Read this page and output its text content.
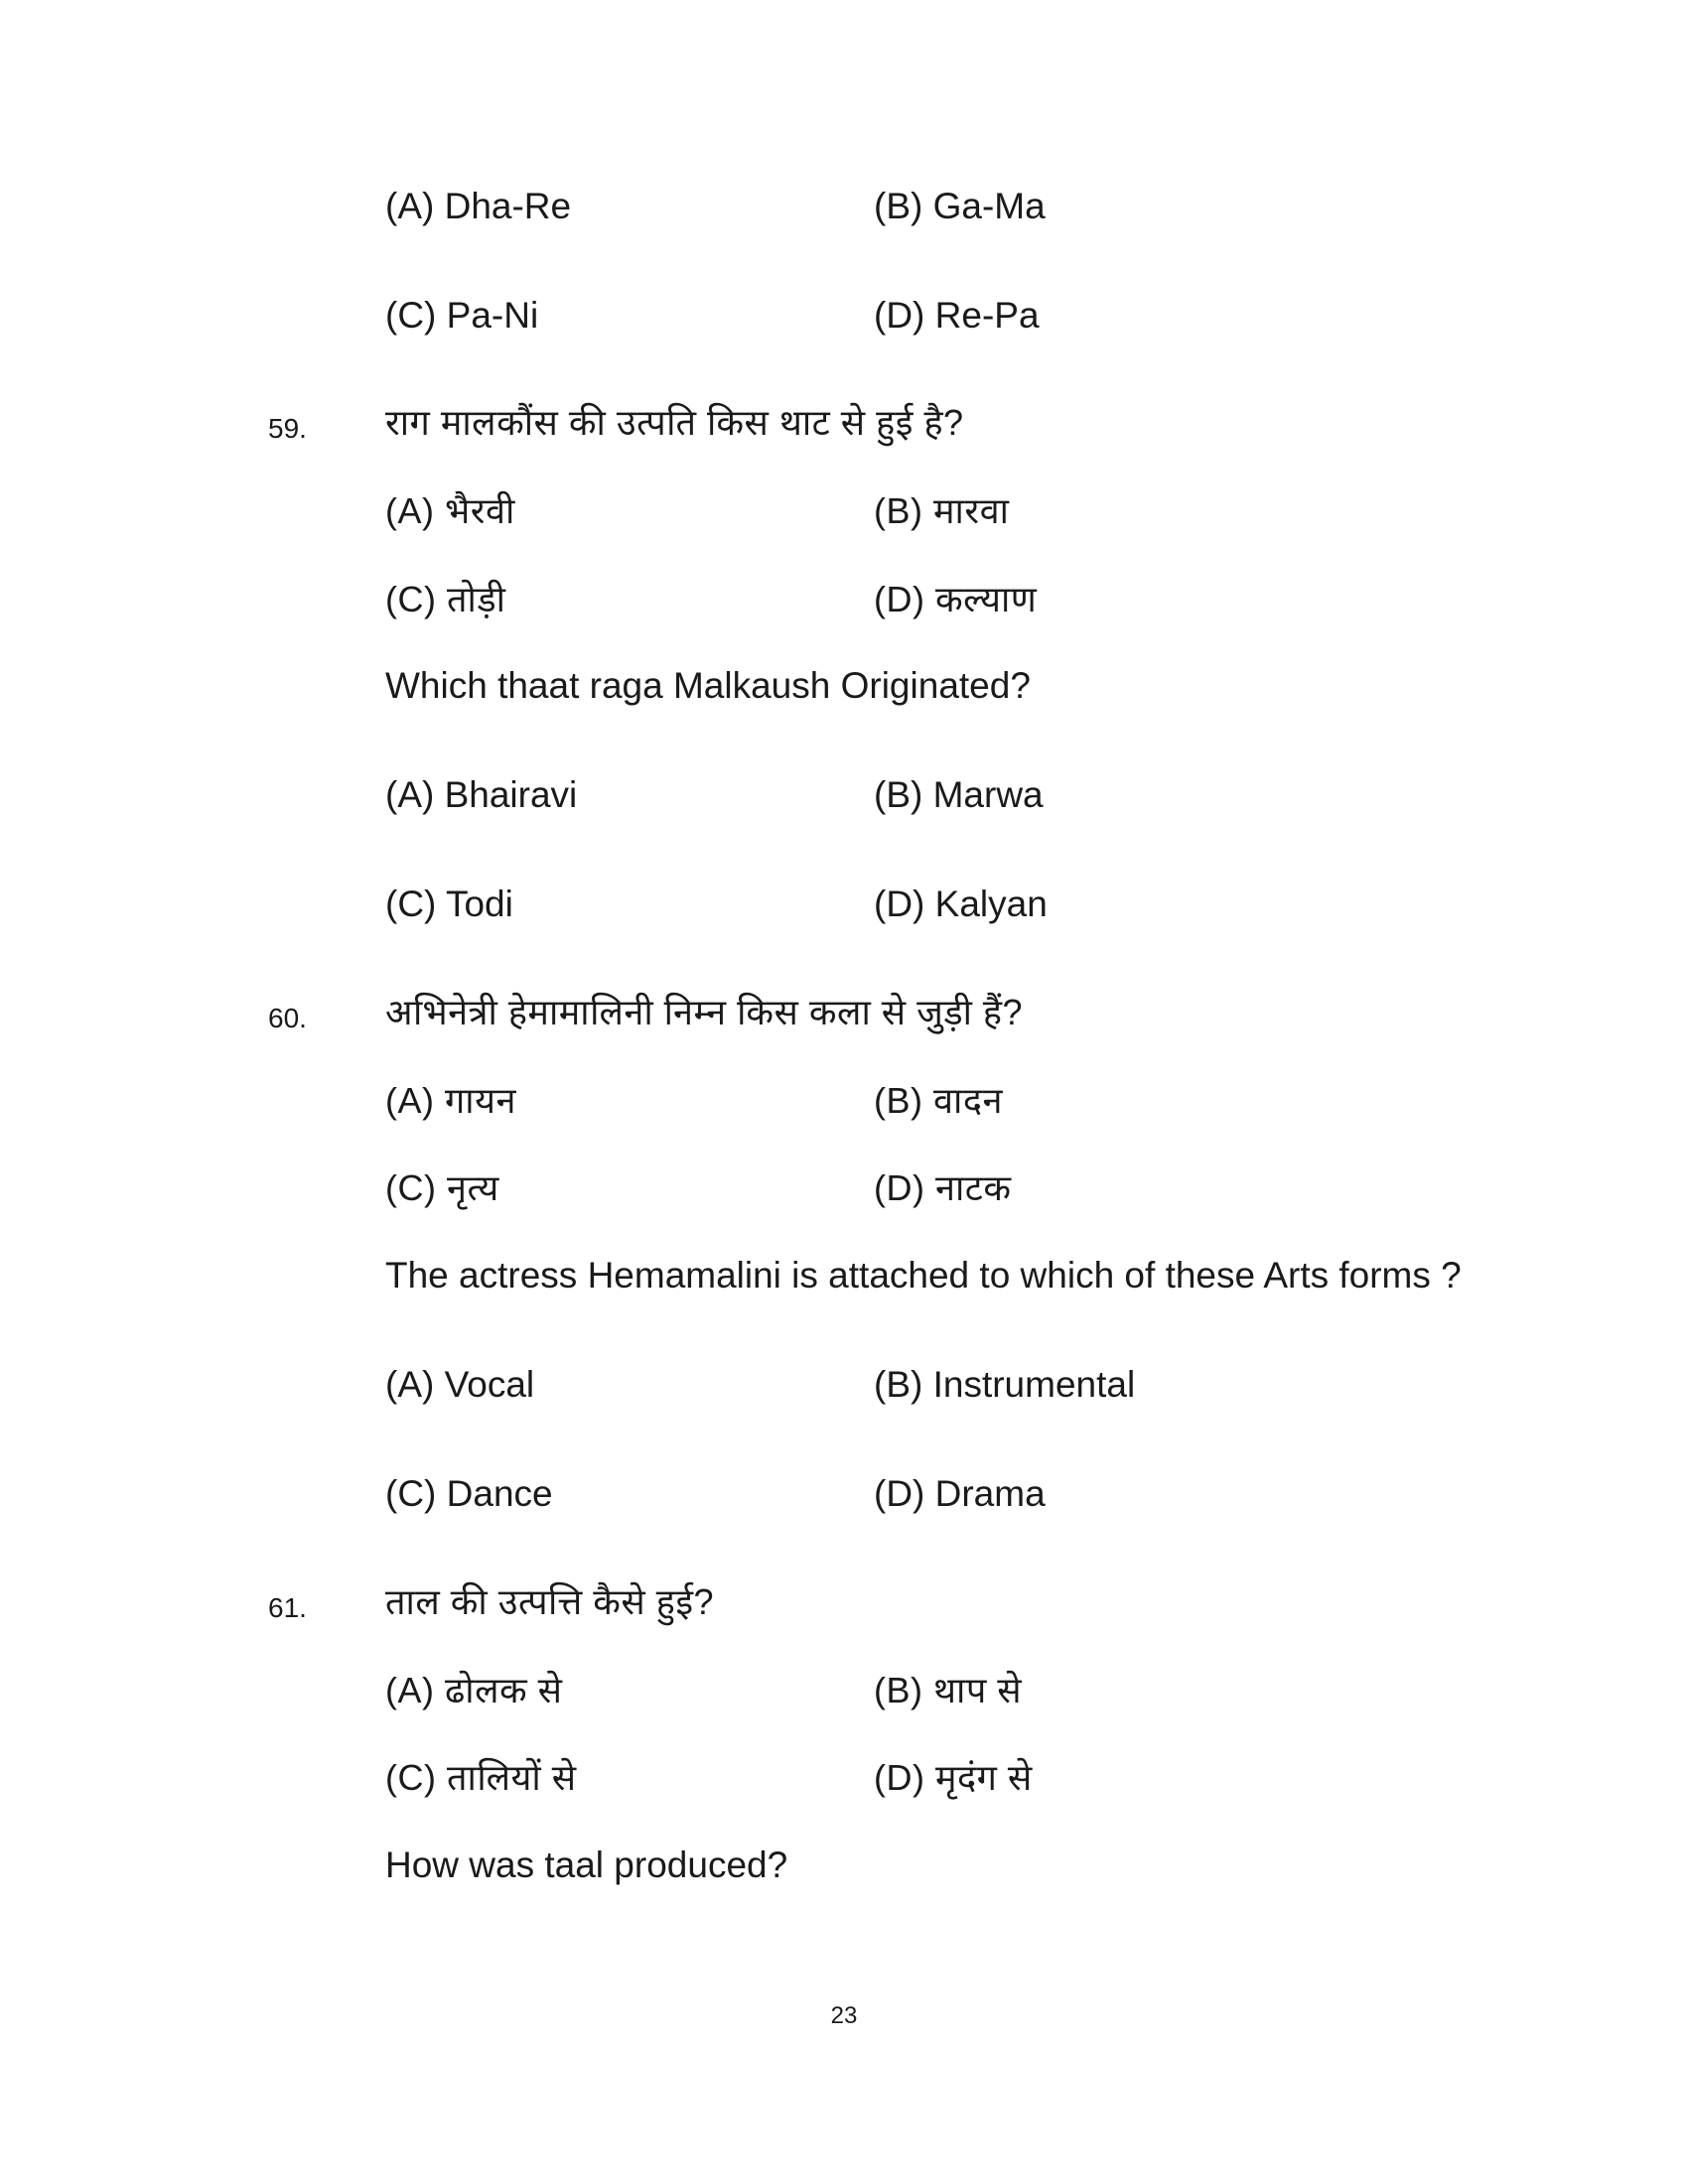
(A) Dha-Re	(B) Ga-Ma
(C) Pa-Ni	(D) Re-Pa
59. राग मालकौंस की उत्पति किस थाट से हुई है?
(A) भैरवी	(B) मारवा
(C) तोड़ी	(D) कल्याण
Which thaat raga Malkaush Originated?
(A) Bhairavi	(B) Marwa
(C) Todi	(D) Kalyan
60. अभिनेत्री हेमामालिनी निम्न किस कला से जुड़ी हैं?
(A) गायन	(B) वादन
(C) नृत्य	(D) नाटक
The actress Hemamalini is attached to which of these Arts forms ?
(A) Vocal	(B) Instrumental
(C) Dance	(D) Drama
61. ताल की उत्पत्ति कैसे हुई?
(A) ढोलक से	(B) थाप से
(C) तालियों से	(D) मृदंग से
How was taal produced?
23
